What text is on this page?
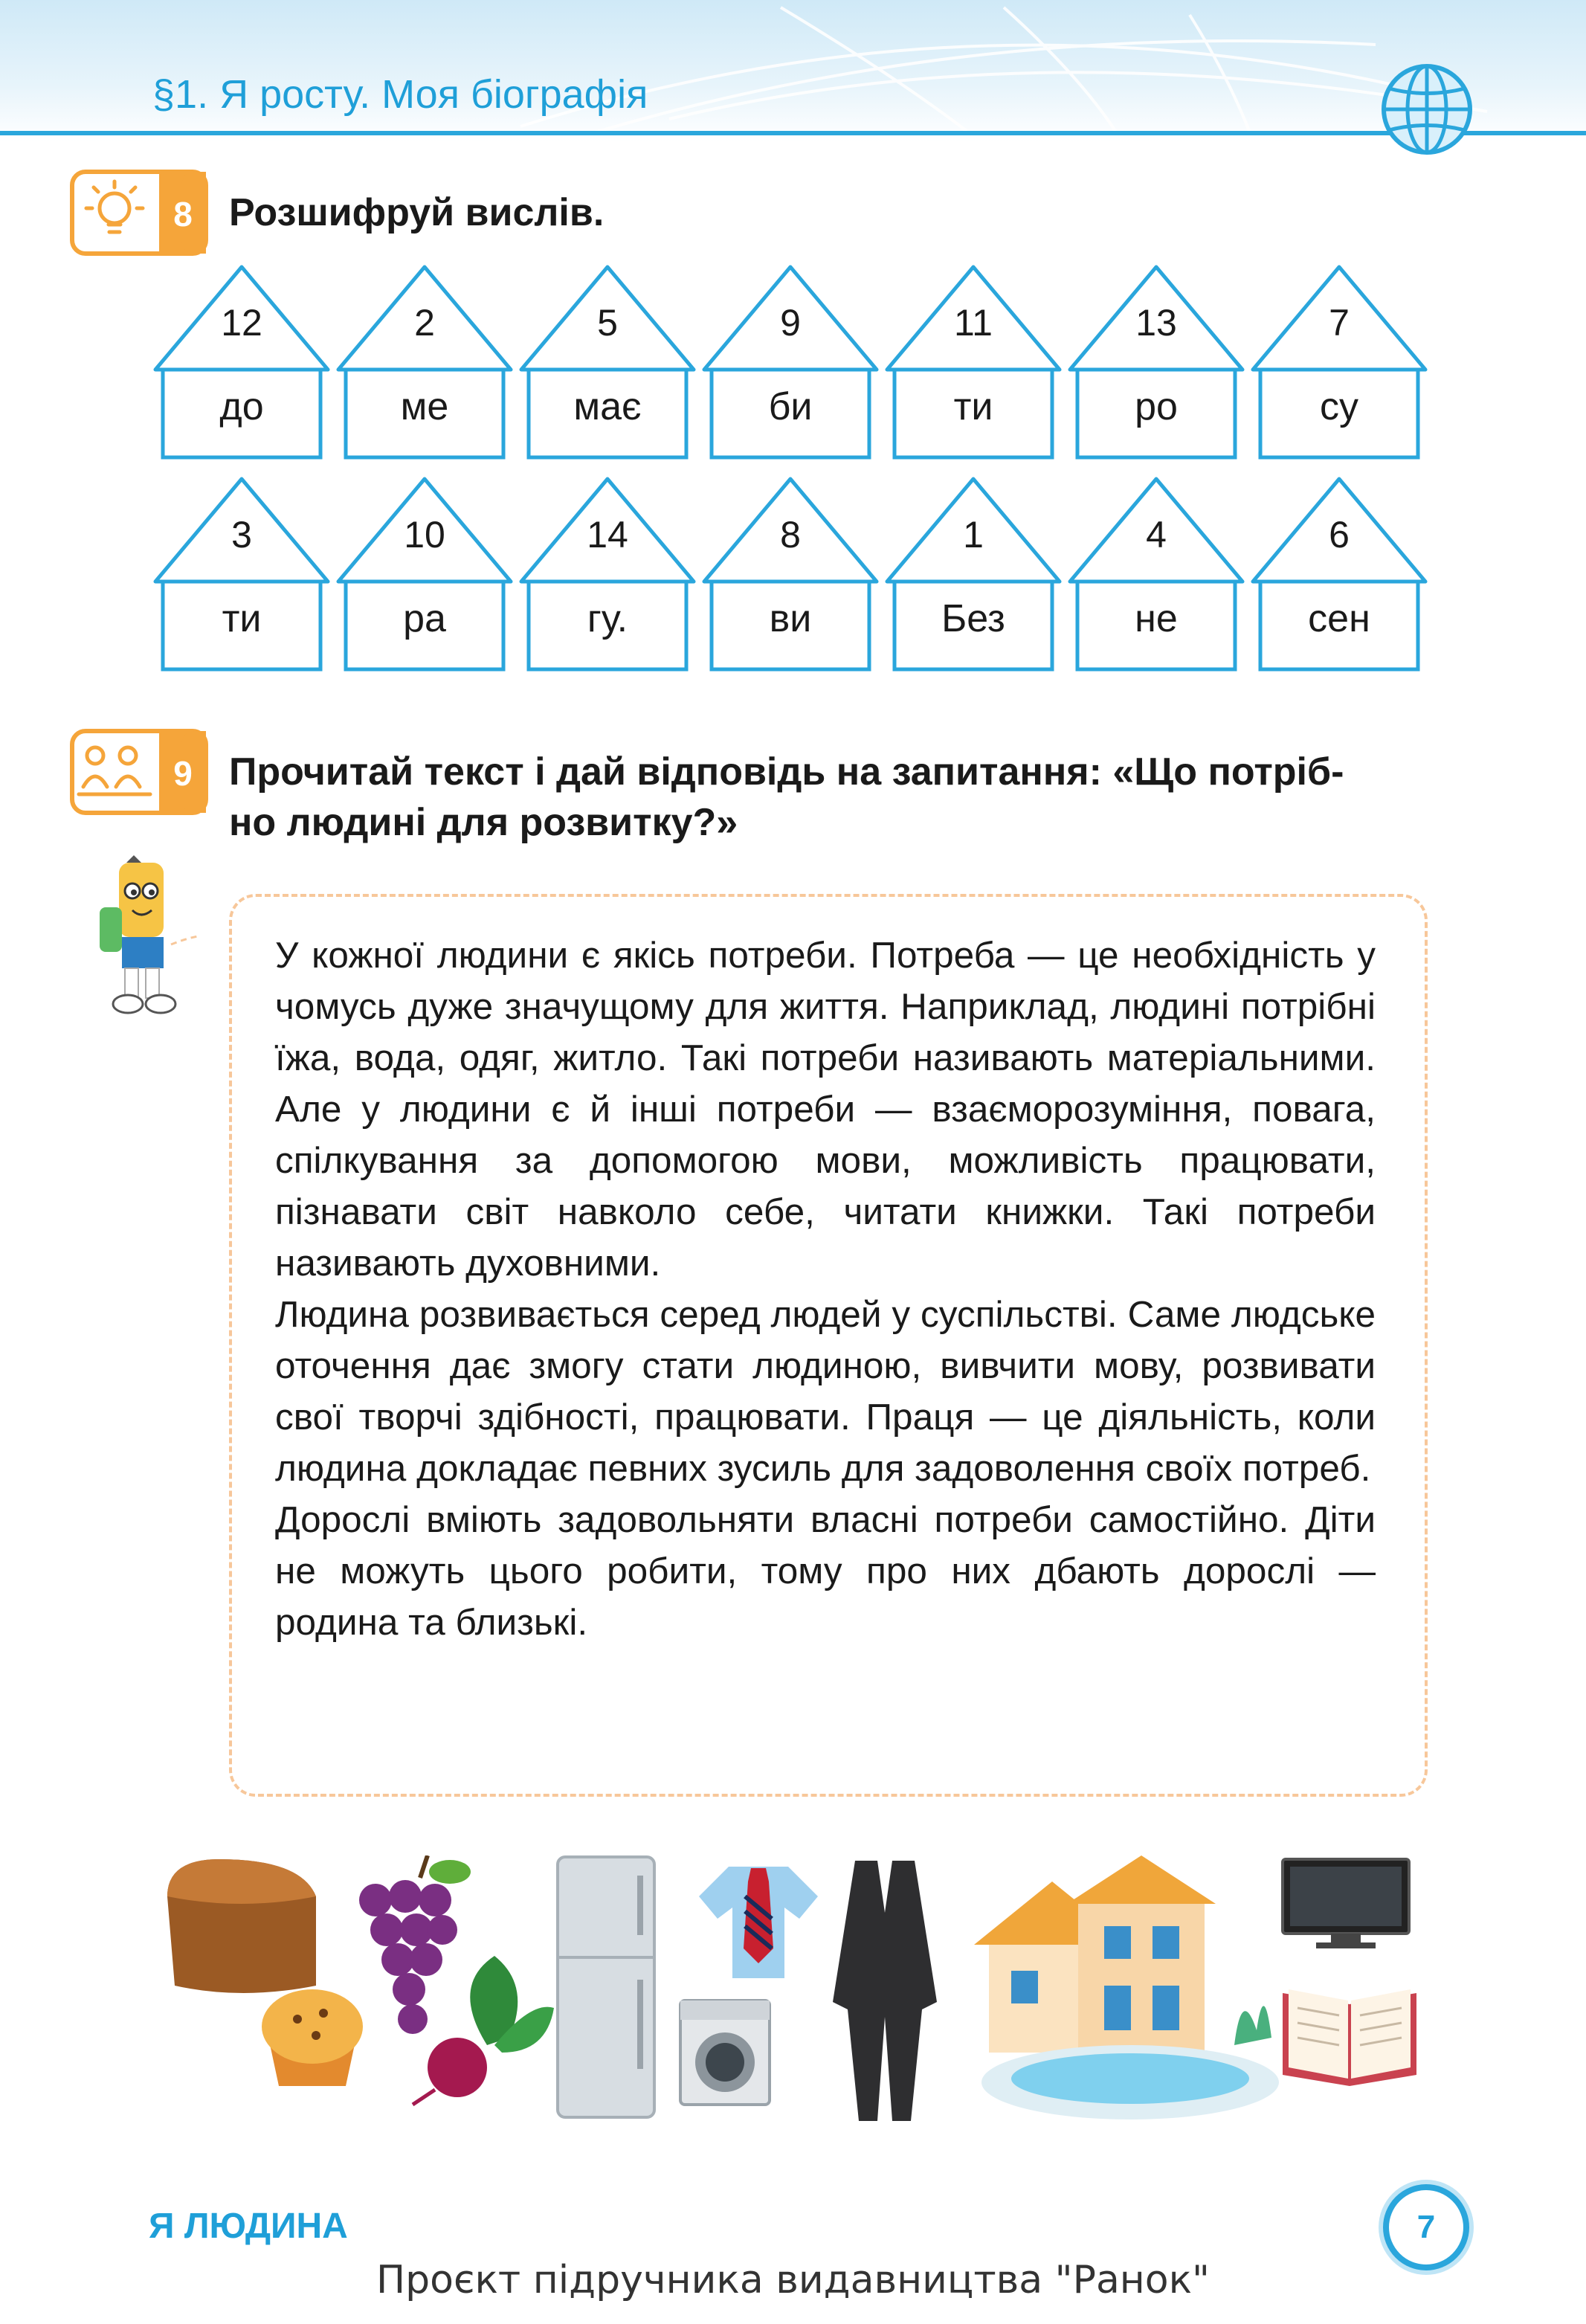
§1. Я росту. Моя біографія
8 Розшифруй вислів.
12
до
2
ме
5
має
9
би
11
ти
13
ро
7
су
3
ти
10
ра
14
гу.
8
ви
1
Без
4
не
6
сен
9 Прочитай текст і дай відповідь на запитання: «Що потріб-
но людині для розвитку?»

У кожної людини є якісь потреби. Потреба — це необхідність у чомусь дуже значущому для життя. Наприклад, людині потрібні їжа, вода, одяг, житло. Такі потреби називають матеріальними. Але у людини є й інші потреби — взаєморозуміння, повага, спілкування за допомогою мови, можливість працювати, пізнавати світ навколо себе, читати книжки. Такі потреби називають духовними.

Людина розвивається серед людей у суспільстві. Саме людське оточення дає змогу стати людиною, вивчити мову, розвивати свої творчі здібності, працювати. Праця — це діяльність, коли людина докладає певних зусиль для задоволення своїх потреб.

Дорослі вміють задовольняти власні потреби самостійно. Діти не можуть цього робити, тому про них дбають дорослі — родина та близькі.

Я ЛЮДИНА	7
Проєкт підручника видавництва "Ранок"
